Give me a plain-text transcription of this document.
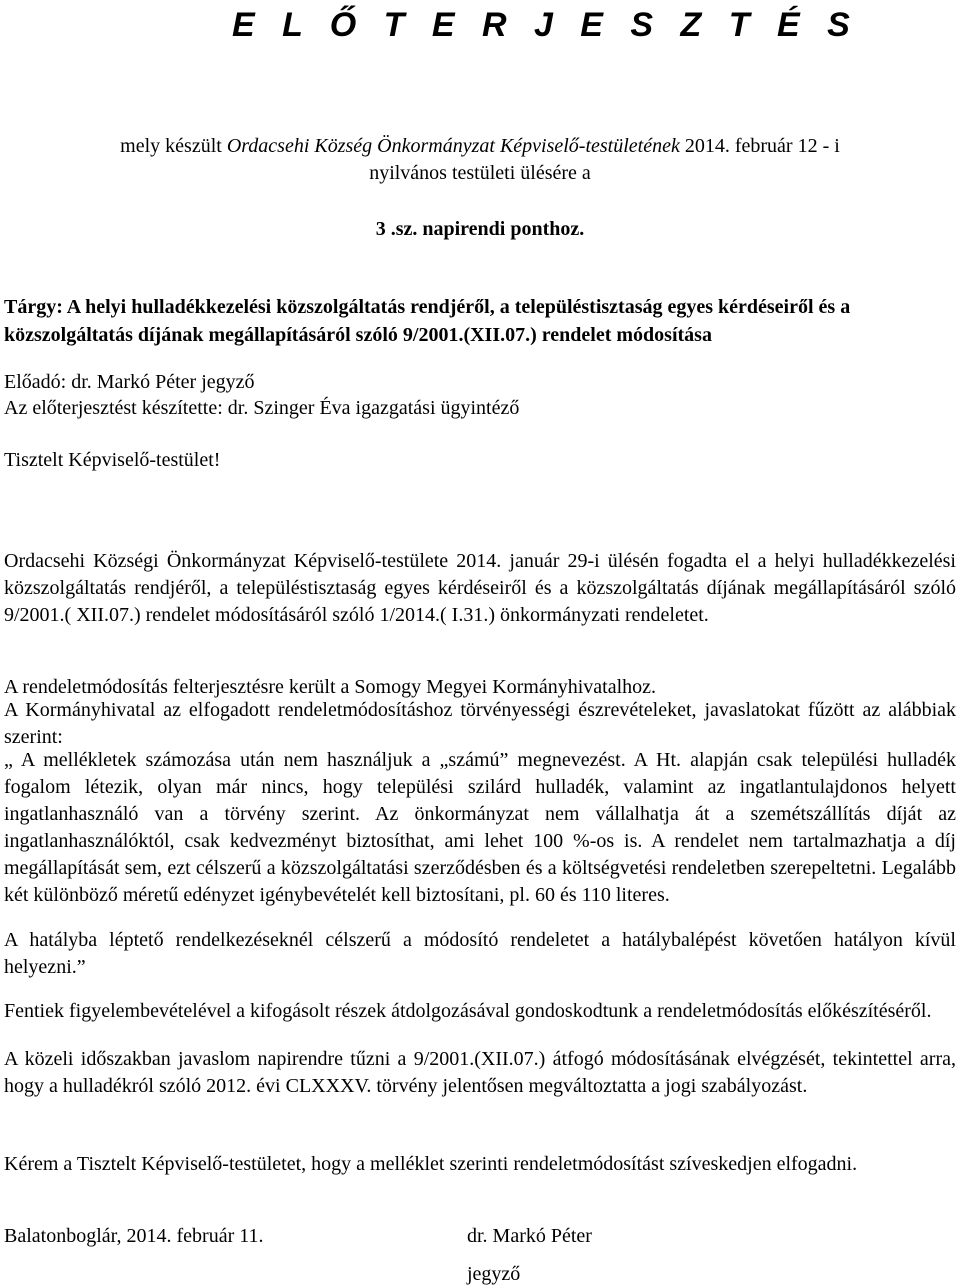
E L Ő T E R J E S Z T É S
mely készült Ordacsehi Község Önkormányzat Képviselő-testületének 2014. február 12 - i
nyilvános testületi ülésére a
3 .sz. napirendi ponthoz.
Tárgy: A helyi hulladékkezelési közszolgáltatás rendjéről, a településtisztaság egyes kérdéseiről és a közszolgáltatás díjának megállapításáról szóló 9/2001.(XII.07.) rendelet módosítása
Előadó: dr. Markó Péter jegyző
Az előterjesztést készítette: dr. Szinger Éva igazgatási ügyintéző
Tisztelt Képviselő-testület!
Ordacsehi Községi Önkormányzat Képviselő-testülete 2014. január 29-i ülésén fogadta el a helyi hulladékkezelési közszolgáltatás rendjéről, a településtisztaság egyes kérdéseiről és a közszolgáltatás díjának megállapításáról szóló 9/2001.( XII.07.) rendelet módosításáról szóló 1/2014.( I.31.) önkormányzati rendeletet.
A rendeletmódosítás felterjesztésre került a Somogy Megyei Kormányhivatalhoz.
A Kormányhivatal az elfogadott rendeletmódosításhoz törvényességi észrevételeket, javaslatokat fűzött az alábbiak szerint:
„ A mellékletek számozása után nem használjuk a „számú” megnevezést. A Ht. alapján csak települési hulladék fogalom létezik, olyan már nincs, hogy települési szilárd hulladék, valamint az ingatlantulajdonos helyett ingatlanhasználó van a törvény szerint. Az önkormányzat nem vállalhatja át a szemétszállítás díját az ingatlanhasználóktól, csak kedvezményt biztosíthat, ami lehet 100 %-os is. A rendelet nem tartalmazhatja a díj megállapítását sem, ezt célszerű a közszolgáltatási szerződésben és a költségvetési rendeletben szerepeltetni. Legalább két különböző méretű edényzet igénybevételét kell biztosítani, pl. 60 és 110 literes.
A hatályba léptető rendelkezéseknél célszerű a módosító rendeletet a hatálybalépést követően hatályon kívül helyezni.”
Fentiek figyelembevételével a kifogásolt részek átdolgozásával gondoskodtunk a rendeletmódosítás előkészítéséről.
A közeli időszakban javaslom napirendre tűzni a 9/2001.(XII.07.) átfogó módosításának elvégzését, tekintettel arra, hogy a hulladékról szóló 2012. évi CLXXXV. törvény jelentősen megváltoztatta a jogi szabályozást.
Kérem a Tisztelt Képviselő-testületet, hogy a melléklet szerinti rendeletmódosítást szíveskedjen elfogadni.
Balatonboglár, 2014. február 11.	dr. Markó Péter
jegyző
